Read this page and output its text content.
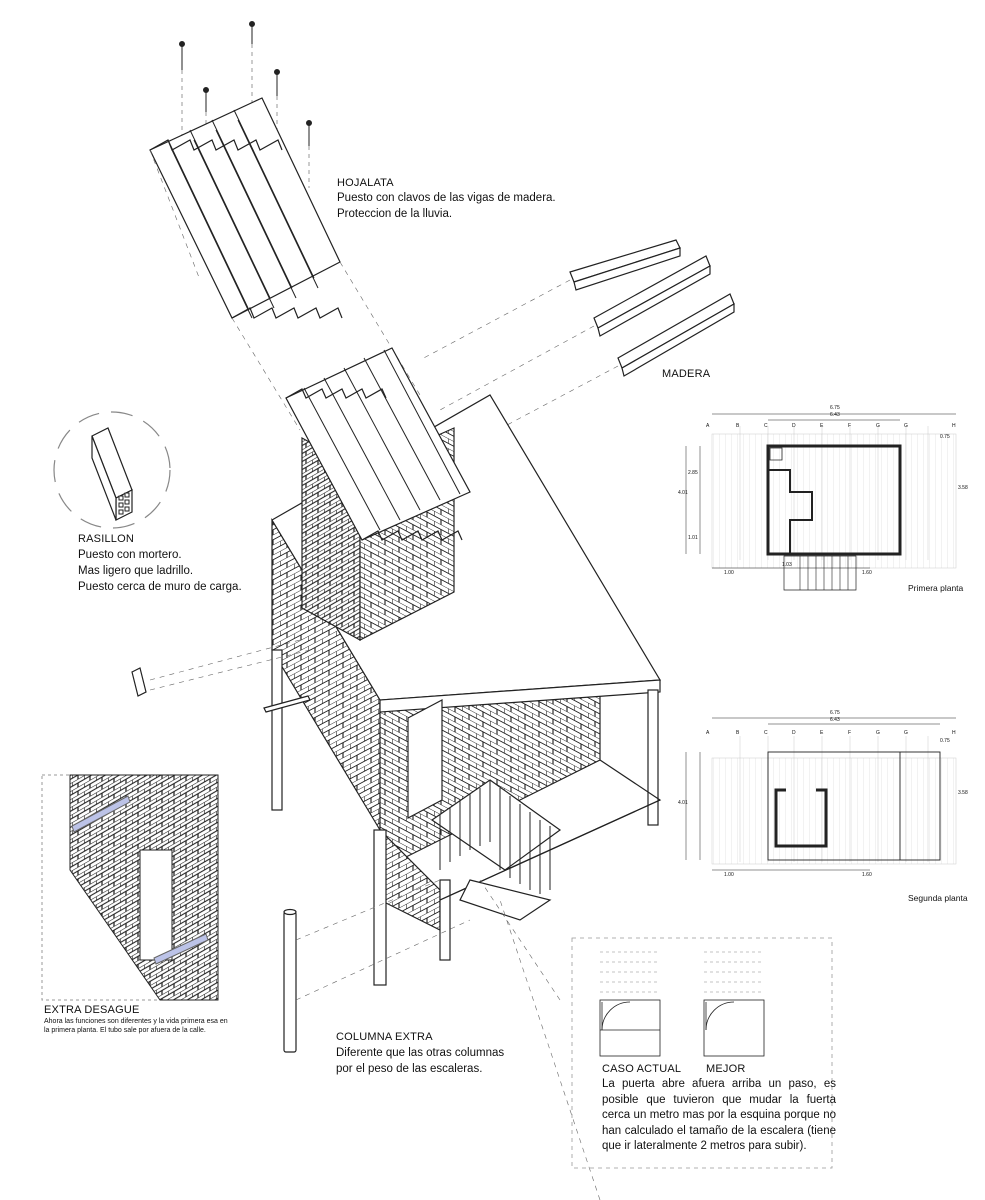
HOJALATA
Puesto con clavos de las vigas de madera.
Proteccion de la lluvia.
MADERA
RASILLON
Puesto con mortero.
Mas ligero que ladrillo.
Puesto cerca de muro de carga.
EXTRA DESAGUE
Ahora las funciones son diferentes y la vida primera esa en
la primera planta. El tubo sale por afuera de la calle.
COLUMNA EXTRA
Diferente que las otras columnas
por el peso de las escaleras.	CASO ACTUAL MEJOR
La puerta abre afuera arriba un paso, es posible que tuvieron que mudar la fuerta cerca un metro mas por la esquina porque no han calculado el tamaño de la escalera (tiene que ir lateralmente 2 metros para subir).
Primera planta
Segunda planta
6.75
6.43
4.01
3.58
2.85
1.01
1.00
1.03
1.60
0.75
6.75
6.43
4.01
3.58
1.00	1.60
0.75
A	B	C	D	E	F	G	G	H
A	B	C	D	E	F	G	G	H
